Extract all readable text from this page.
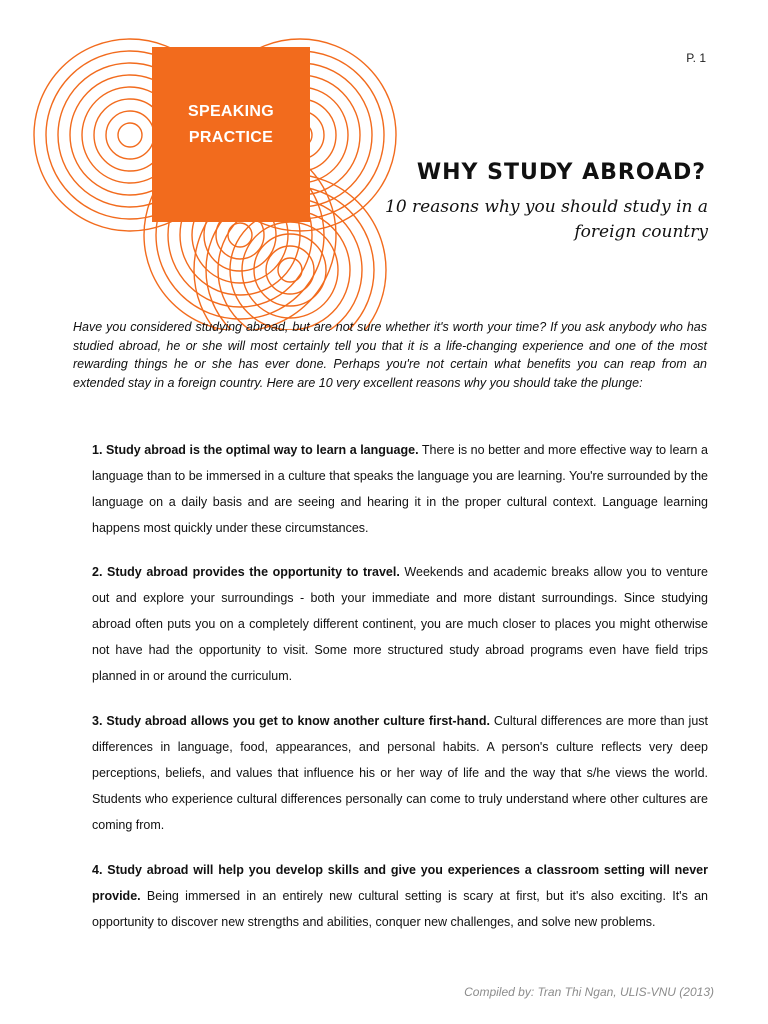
SPEAKING
PRACTICE
P. 1
WHY STUDY ABROAD?
10 reasons why you should study in a foreign country
Have you considered studying abroad, but are not sure whether it's worth your time? If you ask anybody who has studied abroad, he or she will most certainly tell you that it is a life-changing experience and one of the most rewarding things he or she has ever done. Perhaps you're not certain what benefits you can reap from an extended stay in a foreign country. Here are 10 very excellent reasons why you should take the plunge:
1. Study abroad is the optimal way to learn a language. There is no better and more effective way to learn a language than to be immersed in a culture that speaks the language you are learning. You're surrounded by the language on a daily basis and are seeing and hearing it in the proper cultural context. Language learning happens most quickly under these circumstances.
2. Study abroad provides the opportunity to travel. Weekends and academic breaks allow you to venture out and explore your surroundings - both your immediate and more distant surroundings. Since studying abroad often puts you on a completely different continent, you are much closer to places you might otherwise not have had the opportunity to visit. Some more structured study abroad programs even have field trips planned in or around the curriculum.
3. Study abroad allows you get to know another culture first-hand. Cultural differences are more than just differences in language, food, appearances, and personal habits. A person's culture reflects very deep perceptions, beliefs, and values that influence his or her way of life and the way that s/he views the world. Students who experience cultural differences personally can come to truly understand where other cultures are coming from.
4. Study abroad will help you develop skills and give you experiences a classroom setting will never provide. Being immersed in an entirely new cultural setting is scary at first, but it's also exciting. It's an opportunity to discover new strengths and abilities, conquer new challenges, and solve new problems.
Compiled by: Tran Thi Ngan, ULIS-VNU (2013)
